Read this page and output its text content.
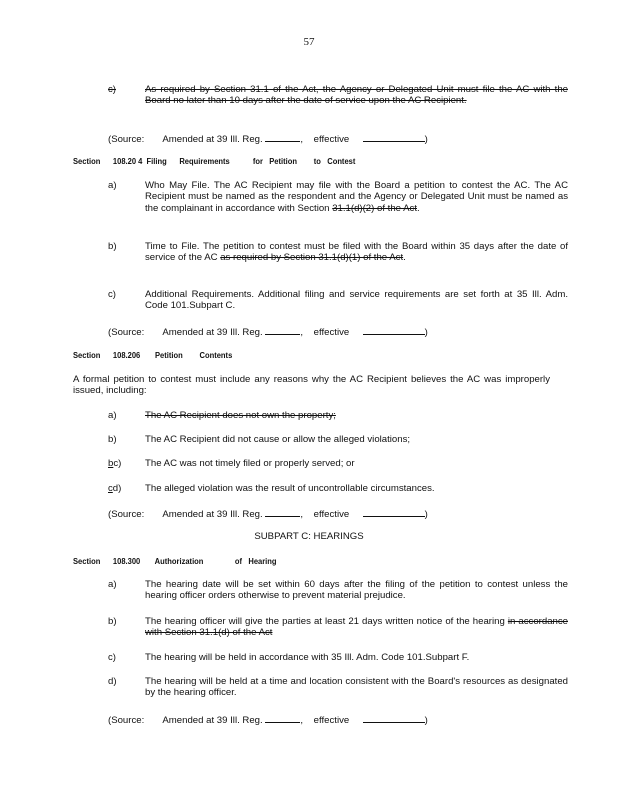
57
c)	As required by Section 31.1 of the Act, the Agency or Delegated Unit must file the AC with the Board no later than 10 days after the date of service upon the AC Recipient.
(Source: Amended at 39 Ill. Reg.	,    effective	)
Section      108.20 4  Filing      Requirements           for   Petition        to   Contest
a)	Who May File. The AC Recipient may file with the Board a petition to contest the AC. The AC Recipient must be named as the respondent and the Agency or Delegated Unit must be named as the complainant in accordance with Section 31.1(d)(2) of the Act.
b)	Time to File. The petition to contest must be filed with the Board within 35 days after the date of service of the AC as required by Section 31.1(d)(1) of the Act.
c)	Additional Requirements. Additional filing and service requirements are set forth at 35 Ill. Adm. Code 101.Subpart C.
(Source: Amended at 39 Ill. Reg.	,    effective	)
Section      108.206       Petition        Contents
A formal petition to contest must include any reasons why the AC Recipient believes the AC was improperly issued, including:
a)	The AC Recipient does not own the property;
b)	The AC Recipient did not cause or allow the alleged violations;
bc)	The AC was not timely filed or properly served; or
cd)	The alleged violation was the result of uncontrollable circumstances.
(Source: Amended at 39 Ill. Reg.	,    effective	)
SUBPART C: HEARINGS
Section      108.300       Authorization               of   Hearing
a)	The hearing date will be set within 60 days after the filing of the petition to contest unless the hearing officer orders otherwise to prevent material prejudice.
b)	The hearing officer will give the parties at least 21 days written notice of the hearing in accordance with Section 31.1(d) of the Act
c)	The hearing will be held in accordance with 35 Ill. Adm. Code 101.Subpart F.
d)	The hearing will be held at a time and location consistent with the Board's resources as designated by the hearing officer.
(Source: Amended at 39 Ill. Reg.	,    effective	)
